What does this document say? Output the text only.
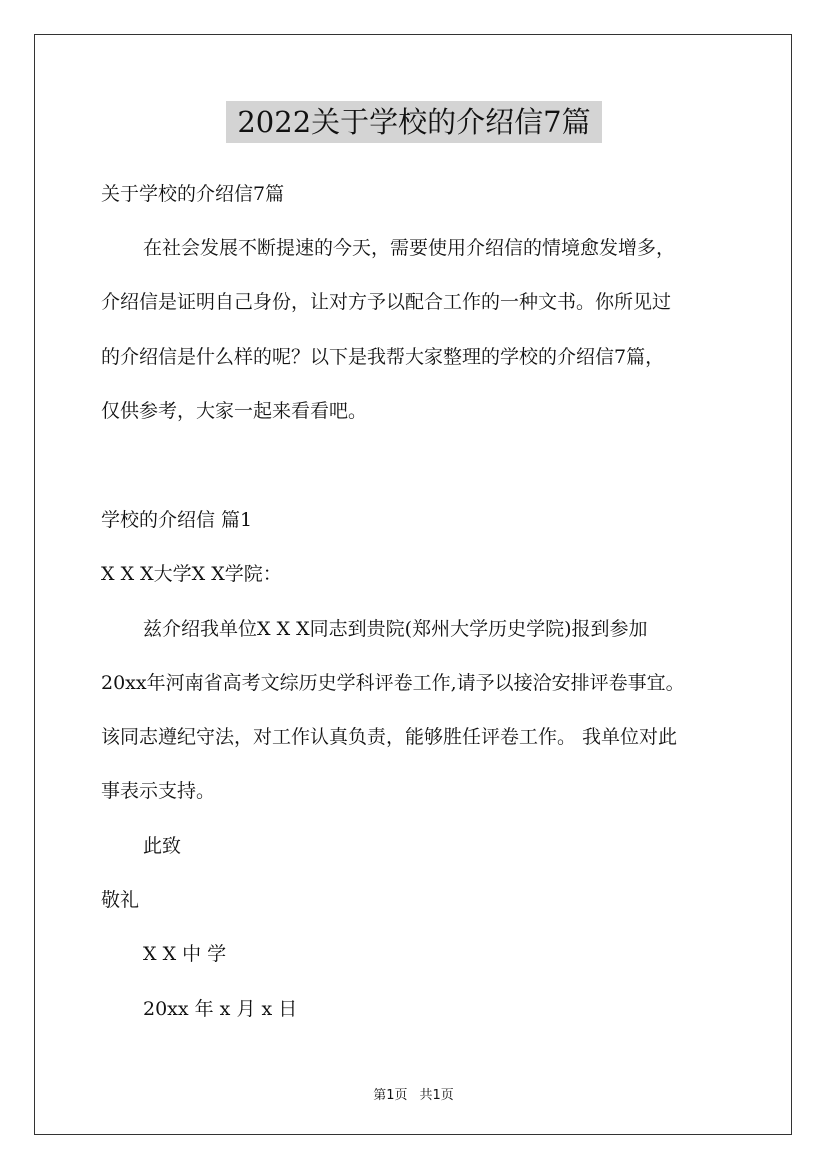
2022关于学校的介绍信7篇
关于学校的介绍信7篇
在社会发展不断提速的今天，需要使用介绍信的情境愈发增多，
介绍信是证明自己身份，让对方予以配合工作的一种文书。你所见过
的介绍信是什么样的呢？以下是我帮大家整理的学校的介绍信7篇，
仅供参考，大家一起来看看吧。
学校的介绍信 篇1
X X X大学X X学院：
兹介绍我单位X X X同志到贵院(郑州大学历史学院)报到参加
20xx年河南省高考文综历史学科评卷工作,请予以接洽安排评卷事宜。
该同志遵纪守法，对工作认真负责，能够胜任评卷工作。 我单位对此
事表示支持。
此致
敬礼
X X 中 学
20xx 年 x 月 x 日
第1页 共1页
